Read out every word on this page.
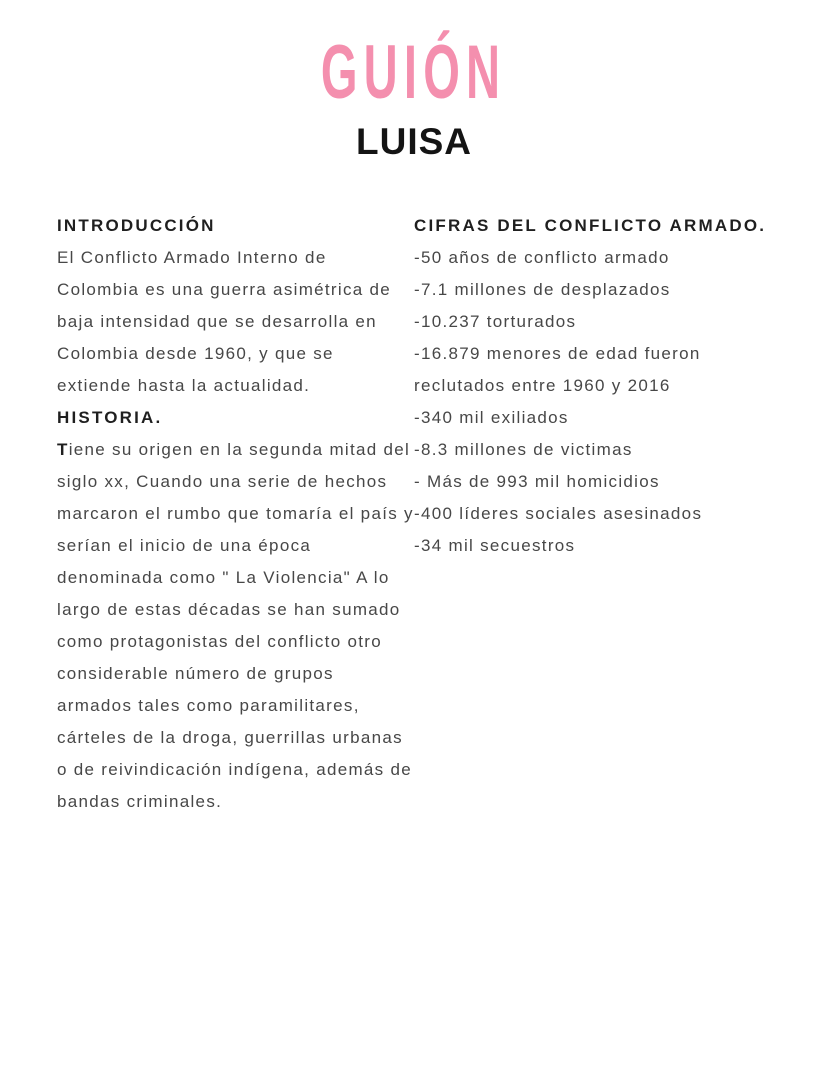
GUIÓN
LUISA
INTRODUCCIÓN
El Conflicto Armado Interno de Colombia es una guerra asimétrica de baja intensidad que se desarrolla en Colombia desde 1960, y que se extiende hasta la actualidad.
HISTORIA.
Tiene su origen en la segunda mitad del siglo xx, Cuando una serie de hechos marcaron el rumbo que tomaría el país y serían el inicio de una época denominada como " La Violencia" A lo largo de estas décadas se han sumado como protagonistas del conflicto otro considerable número de grupos armados tales como paramilitares, cárteles de la droga, guerrillas urbanas o de reivindicación indígena, además de bandas criminales.
CIFRAS DEL CONFLICTO ARMADO.
-50 años de conflicto armado
-7.1 millones de desplazados
-10.237 torturados
-16.879 menores de edad fueron reclutados entre 1960 y 2016
-340 mil exiliados
-8.3 millones de victimas
- Más de 993 mil homicidios
-400 líderes sociales asesinados
-34 mil secuestros
